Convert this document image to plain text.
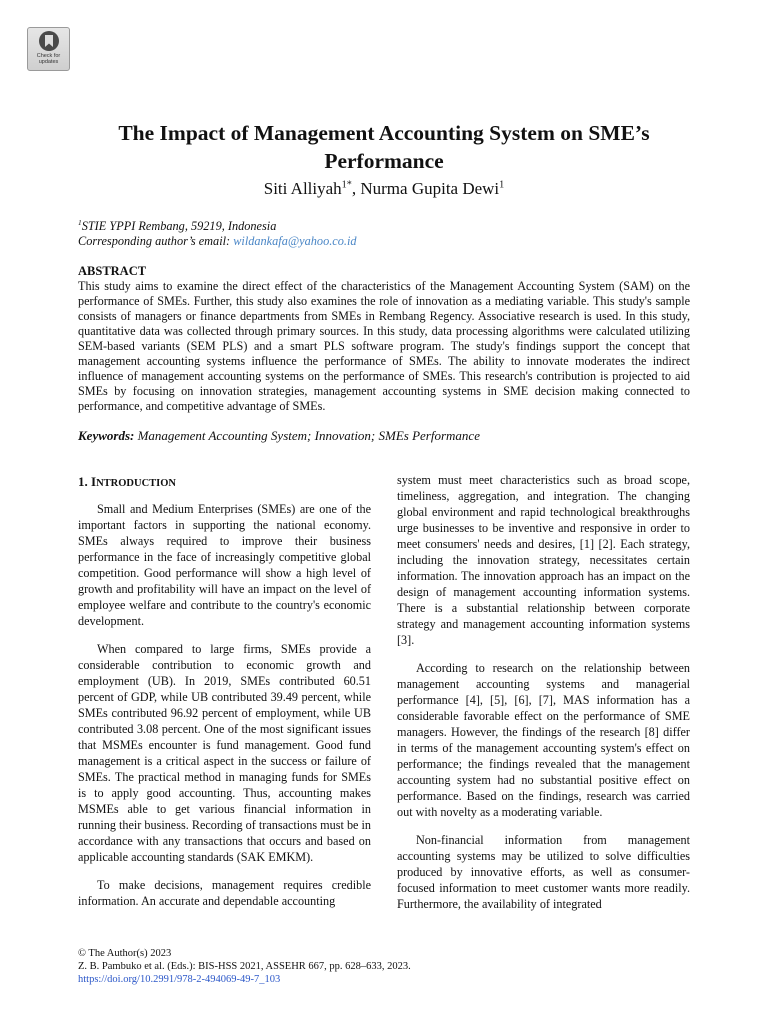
Check for updates
The Impact of Management Accounting System on SME’s Performance
Siti Alliyah$^{1*}$, Nurma Gupita Dewi$^1$
$^1$STIE YPPI Rembang, 59219, Indonesia
Corresponding author’s email: wildankafa@yahoo.co.id
ABSTRACT

This study aims to examine the direct effect of the characteristics of the Management Accounting System (SAM) on the performance of SMEs. Further, this study also examines the role of innovation as a mediating variable. This study's sample consists of managers or finance departments from SMEs in Rembang Regency. Associative research is used. In this study, quantitative data was collected through primary sources. In this study, data processing algorithms were calculated utilizing SEM-based variants (SEM PLS) and a smart PLS software program. The study's findings support the concept that management accounting systems influence the performance of SMEs. The ability to innovate moderates the indirect influence of management accounting systems on the performance of SMEs. This research's contribution is projected to aid SMEs by focusing on innovation strategies, management accounting systems in SME decision making connected to performance, and competitive advantage of SMEs.

Keywords: Management Accounting System; Innovation; SMEs Performance
1. INTRODUCTION

Small and Medium Enterprises (SMEs) are one of the important factors in supporting the national economy. SMEs always required to improve their business performance in the face of increasingly competitive global competition. Good performance will show a high level of growth and profitability will have an impact on the level of employee welfare and contribute to the country's economic development.

When compared to large firms, SMEs provide a considerable contribution to economic growth and employment (UB). In 2019, SMEs contributed 60.51 percent of GDP, while UB contributed 39.49 percent, while SMEs contributed 96.92 percent of employment, while UB contributed 3.08 percent. One of the most significant issues that MSMEs encounter is fund management. Good fund management is a critical aspect in the success or failure of SMEs. The practical method in managing funds for SMEs is to apply good accounting. Thus, accounting makes MSMEs able to get various financial information in running their business. Recording of transactions must be in accordance with any transactions that occurs and based on applicable accounting standards (SAK EMKM).

To make decisions, management requires credible information. An accurate and dependable accounting

system must meet characteristics such as broad scope, timeliness, aggregation, and integration. The changing global environment and rapid technological breakthroughs urge businesses to be inventive and responsive in order to meet consumers' needs and desires, [1] [2]. Each strategy, including the innovation strategy, necessitates certain information. The innovation approach has an impact on the design of management accounting information systems. There is a substantial relationship between corporate strategy and management accounting information systems [3].

According to research on the relationship between management accounting systems and managerial performance [4], [5], [6], [7], MAS information has a considerable favorable effect on the performance of SME managers. However, the findings of the research [8] differ in terms of the management accounting system's effect on performance; the findings revealed that the management accounting system had no substantial positive effect on performance. Based on the findings, research was carried out with novelty as a moderating variable.

Non-financial information from management accounting systems may be utilized to solve difficulties produced by innovative efforts, as well as consumer-focused information to meet customer wants more readily. Furthermore, the availability of integrated

© The Author(s) 2023
Z. B. Pambuko et al. (Eds.): BIS-HSS 2021, ASSEHR 667, pp. 628–633, 2023.
https://doi.org/10.2991/978-2-494069-49-7_103
